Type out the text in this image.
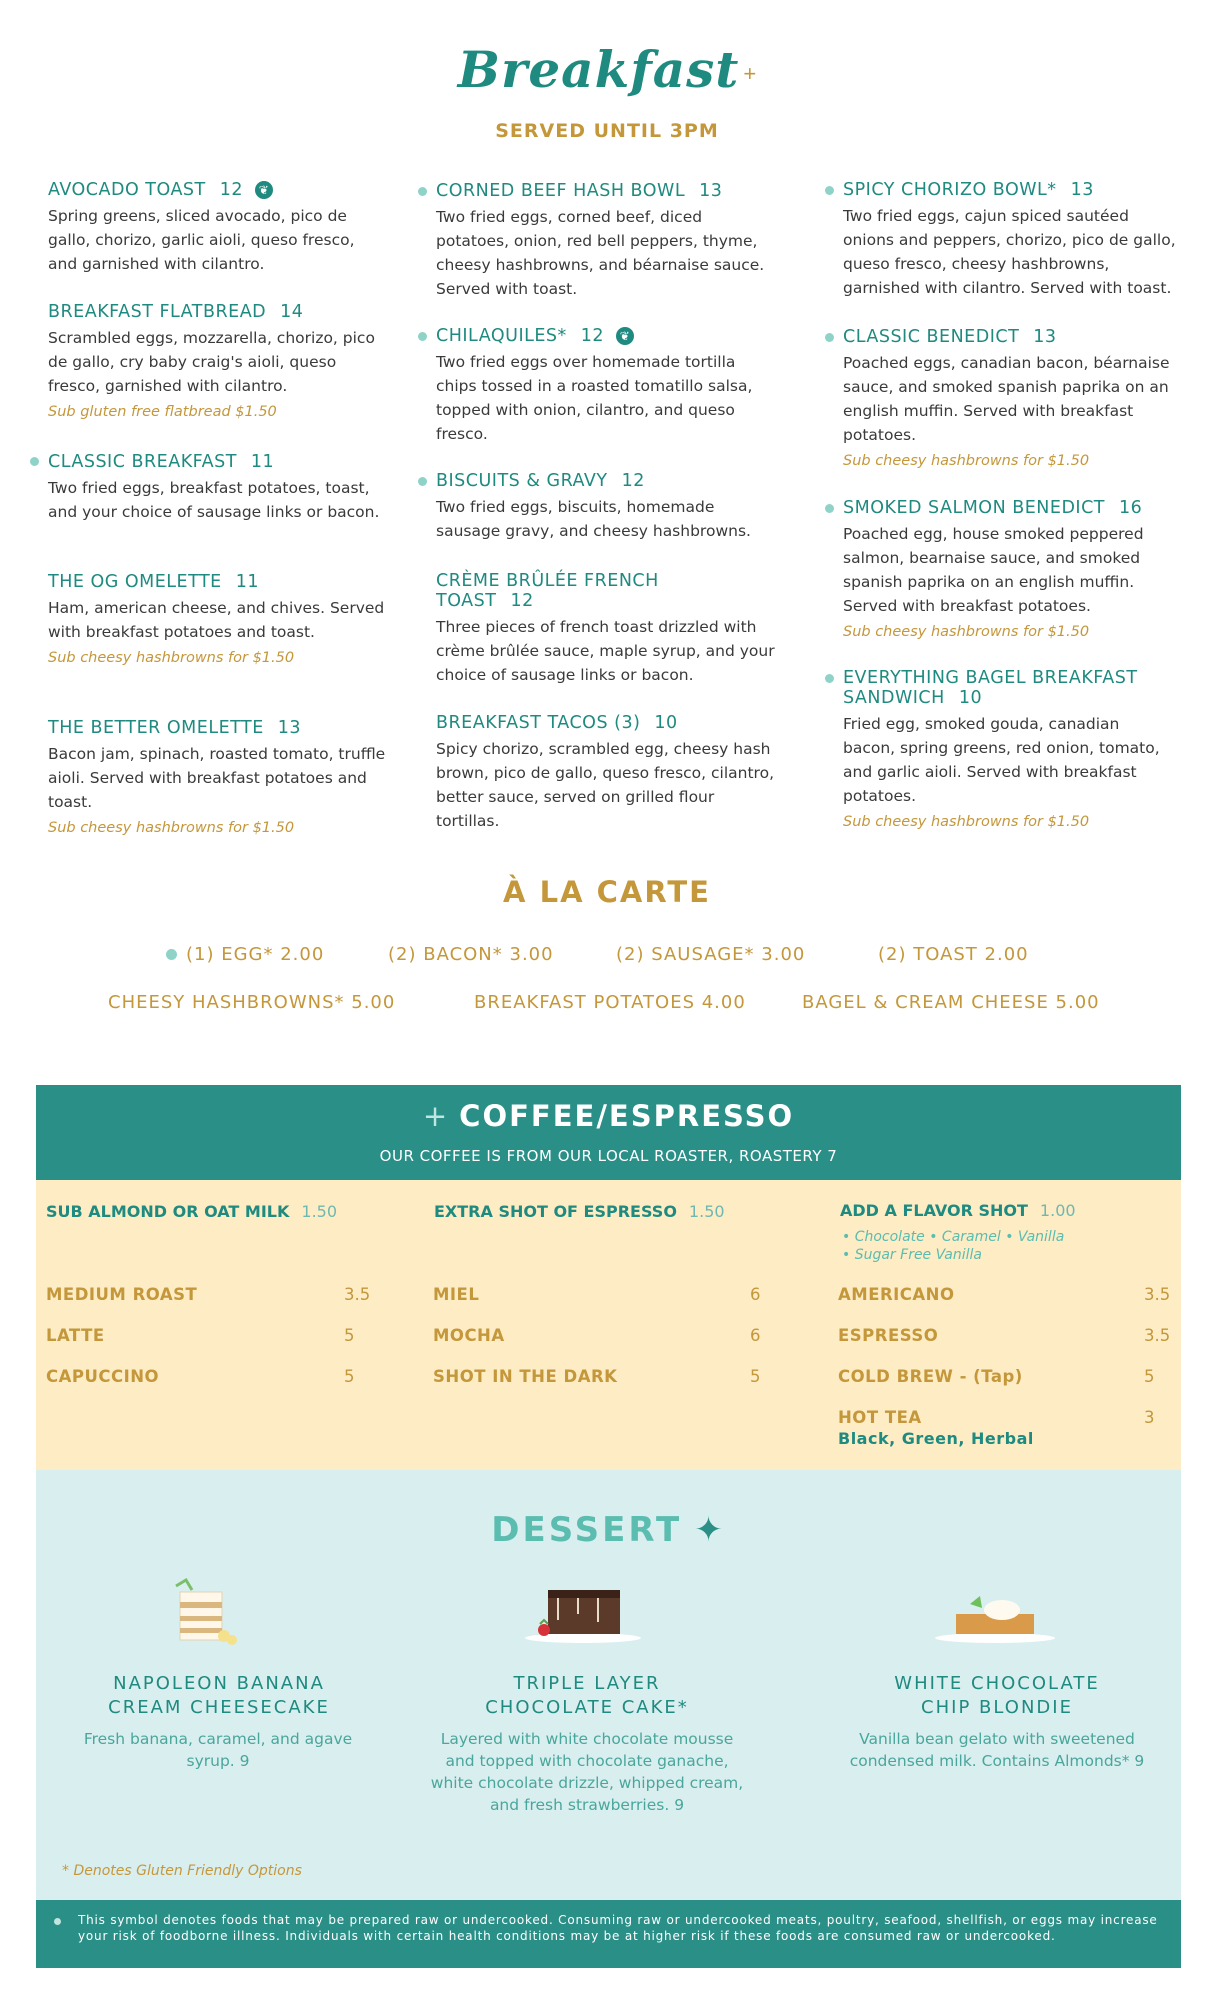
Breakfast +
SERVED UNTIL 3PM
AVOCADO TOAST 12 ❦
Spring greens, sliced avocado, pico de gallo, chorizo, garlic aioli, queso fresco, and garnished with cilantro.
BREAKFAST FLATBREAD 14
Scrambled eggs, mozzarella, chorizo, pico de gallo, cry baby craig's aioli, queso fresco, garnished with cilantro.
Sub gluten free flatbread $1.50
CLASSIC BREAKFAST 11
Two fried eggs, breakfast potatoes, toast, and your choice of sausage links or bacon.
THE OG OMELETTE 11
Ham, american cheese, and chives. Served with breakfast potatoes and toast.
Sub cheesy hashbrowns for $1.50
THE BETTER OMELETTE 13
Bacon jam, spinach, roasted tomato, truffle aioli. Served with breakfast potatoes and toast.
Sub cheesy hashbrowns for $1.50
CORNED BEEF HASH BOWL 13
Two fried eggs, corned beef, diced potatoes, onion, red bell peppers, thyme, cheesy hashbrowns, and béarnaise sauce. Served with toast.
CHILAQUILES* 12 ❦
Two fried eggs over homemade tortilla chips tossed in a roasted tomatillo salsa, topped with onion, cilantro, and queso fresco.
BISCUITS & GRAVY 12
Two fried eggs, biscuits, homemade sausage gravy, and cheesy hashbrowns.
CRÈME BRÛLÉE FRENCH TOAST 12
Three pieces of french toast drizzled with crème brûlée sauce, maple syrup, and your choice of sausage links or bacon.
BREAKFAST TACOS (3) 10
Spicy chorizo, scrambled egg, cheesy hash brown, pico de gallo, queso fresco, cilantro, better sauce, served on grilled flour tortillas.
SPICY CHORIZO BOWL* 13
Two fried eggs, cajun spiced sautéed onions and peppers, chorizo, pico de gallo, queso fresco, cheesy hashbrowns, garnished with cilantro. Served with toast.
CLASSIC BENEDICT 13
Poached eggs, canadian bacon, béarnaise sauce, and smoked spanish paprika on an english muffin. Served with breakfast potatoes.
Sub cheesy hashbrowns for $1.50
SMOKED SALMON BENEDICT 16
Poached egg, house smoked peppered salmon, bearnaise sauce, and smoked spanish paprika on an english muffin. Served with breakfast potatoes.
Sub cheesy hashbrowns for $1.50
EVERYTHING BAGEL BREAKFAST SANDWICH 10
Fried egg, smoked gouda, canadian bacon, spring greens, red onion, tomato, and garlic aioli. Served with breakfast potatoes.
Sub cheesy hashbrowns for $1.50
À LA CARTE
(1) EGG* 2.00	(2) BACON* 3.00	(2) SAUSAGE* 3.00	(2) TOAST 2.00
CHEESY HASHBROWNS* 5.00	BREAKFAST POTATOES 4.00	BAGEL & CREAM CHEESE 5.00
+ COFFEE/ESPRESSO
OUR COFFEE IS FROM OUR LOCAL ROASTER, ROASTERY 7
SUB ALMOND OR OAT MILK 1.50	EXTRA SHOT OF ESPRESSO 1.50	ADD A FLAVOR SHOT 1.00
• Chocolate • Caramel • Vanilla
• Sugar Free Vanilla
MEDIUM ROAST	3.5
LATTE	5
CAPUCCINO	5
MIEL	6
MOCHA	6
SHOT IN THE DARK	5
AMERICANO	3.5
ESPRESSO	3.5
COLD BREW - (Tap)	5
HOT TEA	3
Black, Green, Herbal
DESSERT ✦
NAPOLEON BANANA
CREAM CHEESECAKE
Fresh banana, caramel, and agave syrup. 9
TRIPLE LAYER
CHOCOLATE CAKE*
Layered with white chocolate mousse and topped with chocolate ganache, white chocolate drizzle, whipped cream, and fresh strawberries. 9
WHITE CHOCOLATE
CHIP BLONDIE
Vanilla bean gelato with sweetened condensed milk. Contains Almonds* 9
* Denotes Gluten Friendly Options
This symbol denotes foods that may be prepared raw or undercooked. Consuming raw or undercooked meats, poultry, seafood, shellfish, or eggs may increase your risk of foodborne illness. Individuals with certain health conditions may be at higher risk if these foods are consumed raw or undercooked.
